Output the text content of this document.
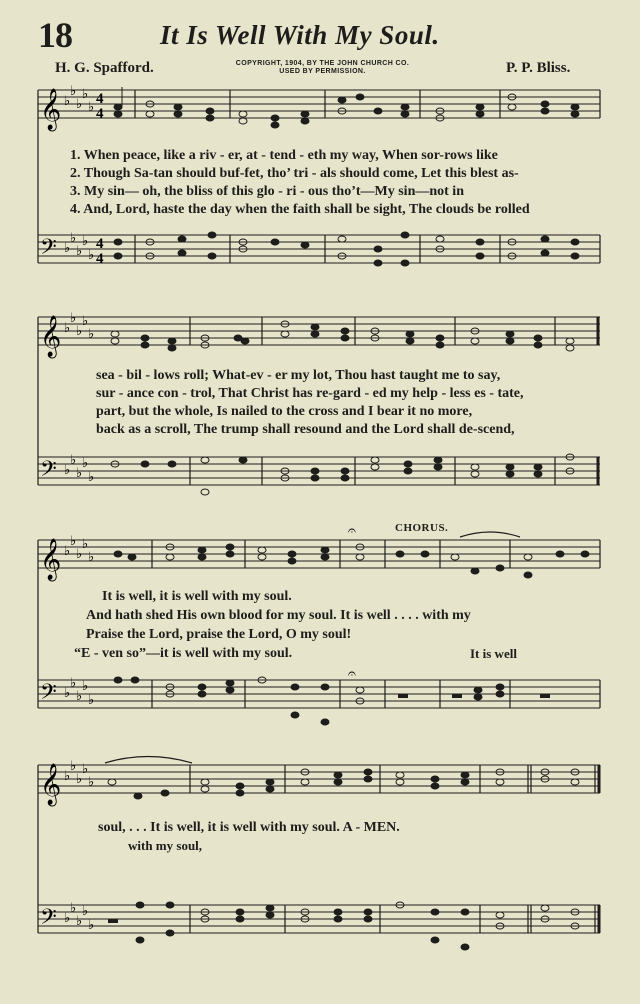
18	It Is Well With My Soul.
H. G. Spafford.	COPYRIGHT, 1904, BY THE JOHN CHURCH CO.
USED BY PERMISSION.	P. P. Bliss.
𝄞
𝄢
♭
♭
♭
♭
♭
♭
♭
♭
♭
♭
4
4
4
4
1. When peace, like a riv - er, at - tend - eth my way, When sor-rows like
2. Though Sa-tan should buf-fet, tho’ tri - als should come, Let this blest as-
3. My sin— oh, the bliss of this glo - ri - ous tho’t—My sin—not in
4. And, Lord, haste the day when the faith shall be sight, The clouds be rolled
𝄞
𝄢
♭
♭
♭
♭
♭
♭
♭
♭
♭
♭
sea - bil - lows roll; What-ev - er my lot, Thou hast taught me to say,
sur - ance con - trol, That Christ has re-gard - ed my help - less es - tate,
part, but the whole, Is nailed to the cross and I bear it no more,
back as a scroll, The trump shall resound and the Lord shall de-scend,
CHORUS.
𝄞
𝄢
♭
♭
♭
♭
♭
♭
♭
♭
♭
♭
𝄐
𝄐
It is well, it is well with my soul.
And hath shed His own blood for my soul. It is well . . . . with my
Praise the Lord, praise the Lord, O my soul!
“E - ven so”—it is well with my soul.	It is well
𝄞
𝄢
♭
♭
♭
♭
♭
♭
♭
♭
♭
♭
soul, . . . It is well, it is well with my soul. A - MEN.
with my soul,
